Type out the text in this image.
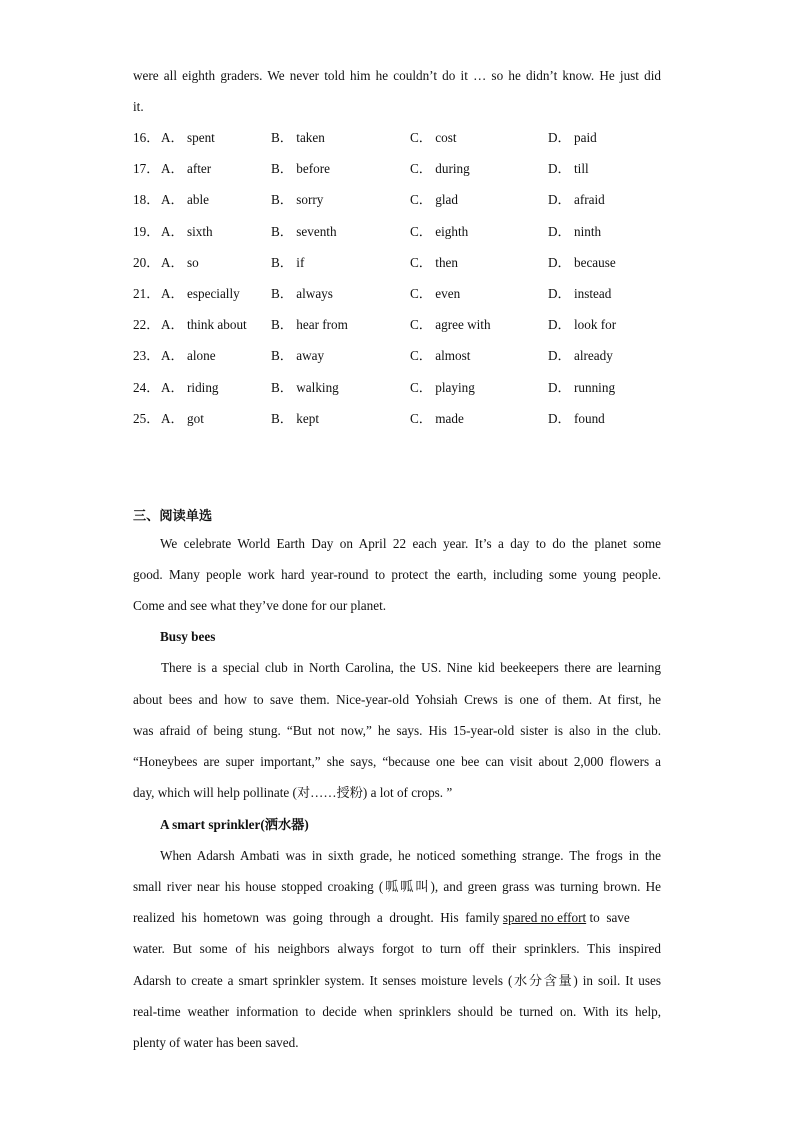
were all eighth graders. We never told him he couldn’t do it … so he didn’t know. He just did
it.
16． A． spent	B． taken	C． cost	D． paid
17． A． after	B． before	C． during	D． till
18． A． able	B． sorry	C． glad	D． afraid
19． A． sixth	B． seventh	C． eighth	D． ninth
20． A． so	B． if	C． then	D． because
21． A． especially B． always	C． even	D． instead
22． A． think about B． hear from	C． agree with	D． look for
23． A． alone	B． away	C． almost	D． already
24． A． riding	B． walking	C． playing	D． running
25． A． got	B． kept	C． made	D． found
三、阅读单选
We celebrate World Earth Day on April 22 each year. It’s a day to do the planet some
good. Many people work hard year-round to protect the earth, including some young people.
Come and see what they’ve done for our planet.
Busy bees
There is a special club in North Carolina, the US. Nine kid beekeepers there are learning
about bees and how to save them. Nice-year-old Yohsiah Crews is one of them. At first, he
was afraid of being stung. “But not now,” he says. His 15-year-old sister is also in the club.
“Honeybees are super important,” she says, “because one bee can visit about 2,000 flowers a
day, which will help pollinate (对……授粉) a lot of crops. ”
A smart sprinkler(洒水器)
When Adarsh Ambati was in sixth grade, he noticed something strange. The frogs in the
small river near his house stopped croaking (呱呱叫), and green grass was turning brown. He
realized  his  hometown  was  going  through  a  drought.  His  family spared no effort to  save
water. But some of his neighbors always forgot to turn off their sprinklers. This inspired
Adarsh to create a smart sprinkler system. It senses moisture levels (水分含量) in soil. It uses
real-time weather information to decide when sprinklers should be turned on. With its help,
plenty of water has been saved.
